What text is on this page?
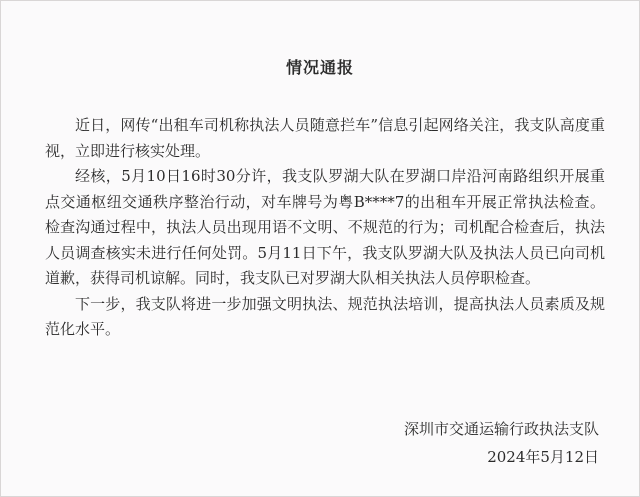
情况通报

近日，网传“出租车司机称执法人员随意拦车”信息引起网络关注，我支队高度重视，立即进行核实处理。

经核，5月10日16时30分许，我支队罗湖大队在罗湖口岸沿河南路组织开展重点交通枢纽交通秩序整治行动，对车牌号为粤B****7的出租车开展正常执法检查。检查沟通过程中，执法人员出现用语不文明、不规范的行为；司机配合检查后，执法人员调查核实未进行任何处罚。5月11日下午，我支队罗湖大队及执法人员已向司机道歉，获得司机谅解。同时，我支队已对罗湖大队相关执法人员停职检查。

下一步，我支队将进一步加强文明执法、规范执法培训，提高执法人员素质及规范化水平。

深圳市交通运输行政执法支队
2024年5月12日
